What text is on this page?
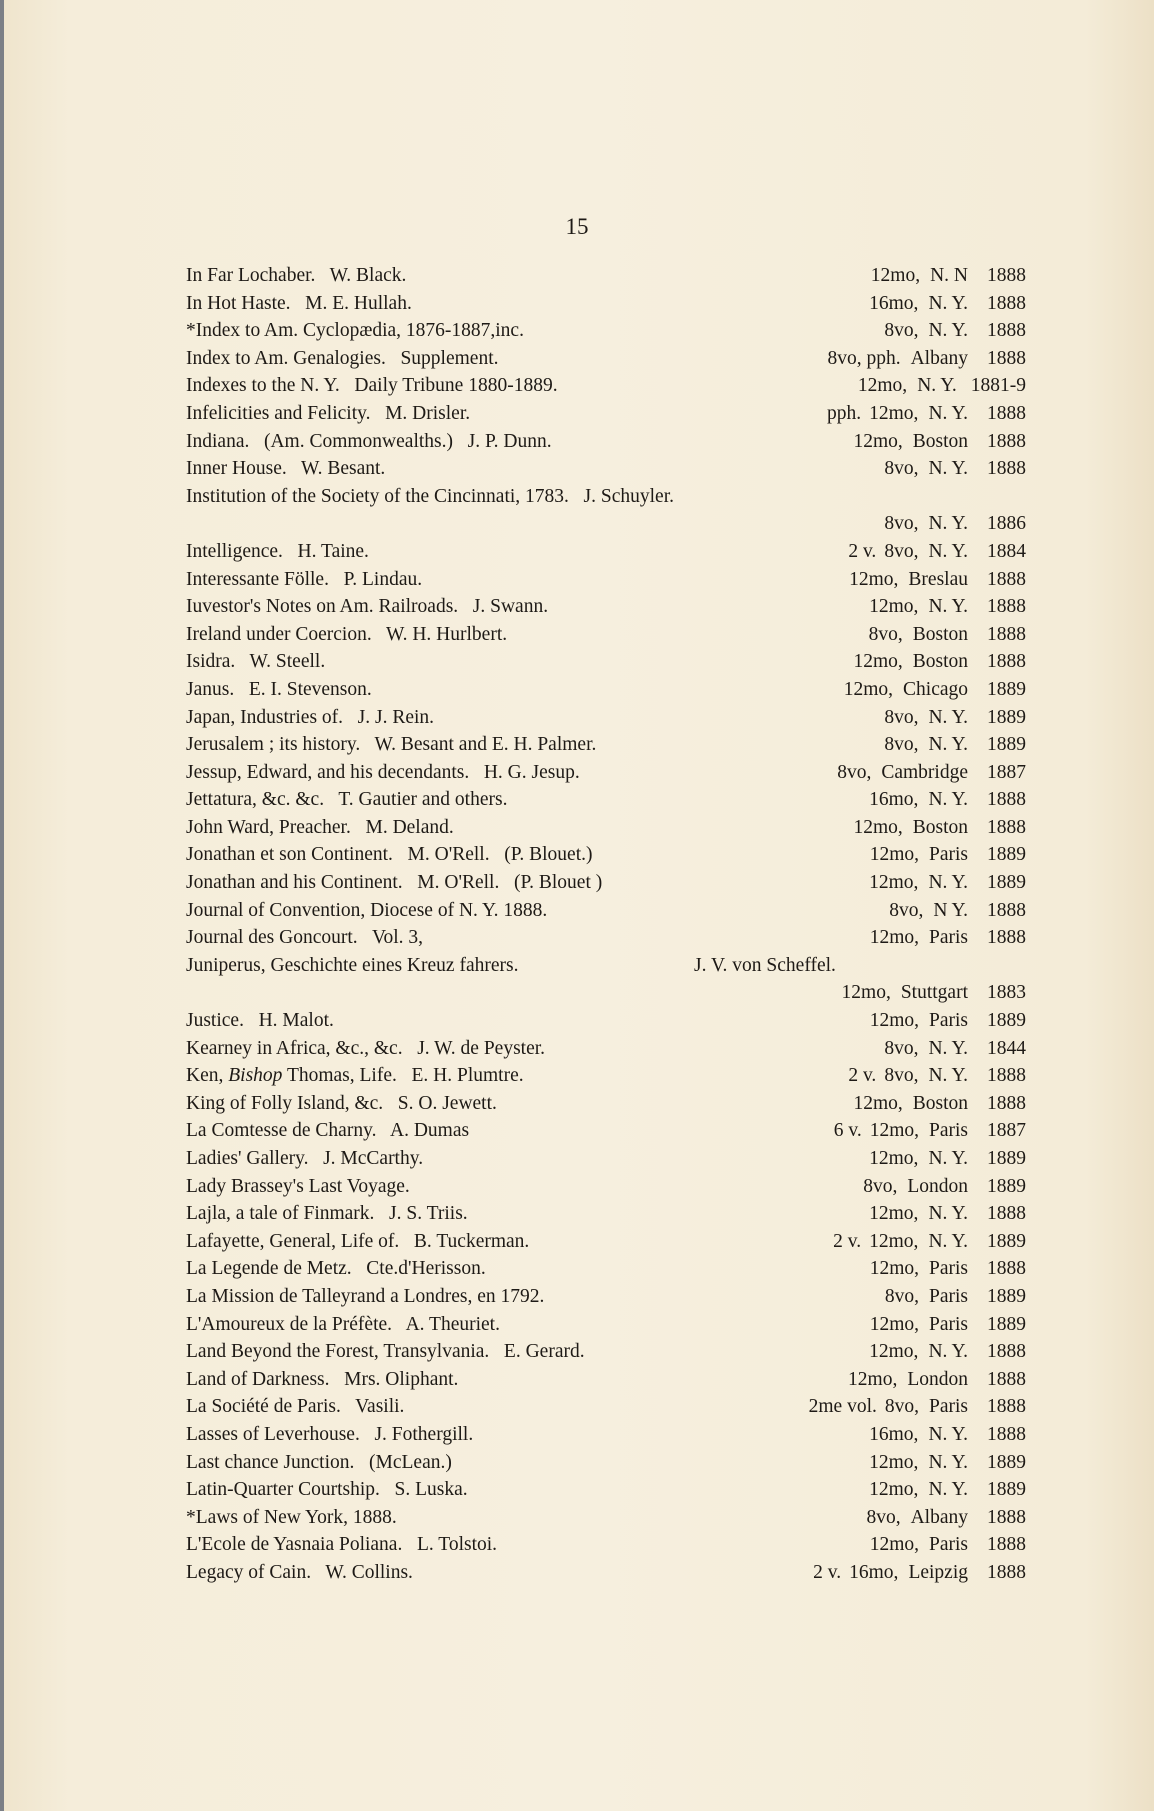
15
In Far Lochaber.   W. Black.	12mo, N. N 1888
In Hot Haste.   M. E. Hullah.	16mo, N. Y. 1888
*Index to Am. Cyclopædia, 1876-1887,inc.	8vo, N. Y. 1888
Index to Am. Genalogies.   Supplement.	8vo, pph. Albany 1888
Indexes to the N. Y.   Daily Tribune 1880-1889.	12mo, N. Y. 1881-9
Infelicities and Felicity.   M. Drisler.	pph. 12mo, N. Y. 1888
Indiana.   (Am. Commonwealths.)   J. P. Dunn.	12mo, Boston 1888
Inner House.   W. Besant.	8vo, N. Y. 1888
Institution of the Society of the Cincinnati, 1783.   J. Schuyler.
8vo, N. Y. 1886
Intelligence.   H. Taine.	2 v. 8vo, N. Y. 1884
Interessante Fölle.   P. Lindau.	12mo, Breslau 1888
Iuvestor's Notes on Am. Railroads.   J. Swann.	12mo, N. Y. 1888
Ireland under Coercion.   W. H. Hurlbert.	8vo, Boston 1888
Isidra.   W. Steell.	12mo, Boston 1888
Janus.   E. I. Stevenson.	12mo, Chicago 1889
Japan, Industries of.   J. J. Rein.	8vo, N. Y. 1889
Jerusalem ; its history.   W. Besant and E. H. Palmer.	8vo, N. Y. 1889
Jessup, Edward, and his decendants.   H. G. Jesup.	8vo, Cambridge 1887
Jettatura, &c. &c.   T. Gautier and others.	16mo, N. Y. 1888
John Ward, Preacher.   M. Deland.	12mo, Boston 1888
Jonathan et son Continent.   M. O'Rell.   (P. Blouet.)	12mo, Paris 1889
Jonathan and his Continent.   M. O'Rell.   (P. Blouet )	12mo, N. Y. 1889
Journal of Convention, Diocese of N. Y. 1888.	8vo, N Y. 1888
Journal des Goncourt.   Vol. 3,	12mo, Paris 1888
Juniperus, Geschichte eines Kreuz fahrers.	J. V. von Scheffel.
12mo, Stuttgart 1883
Justice.   H. Malot.	12mo, Paris 1889
Kearney in Africa, &c., &c.   J. W. de Peyster.	8vo, N. Y. 1844
Ken, Bishop Thomas, Life.   E. H. Plumtre.	2 v. 8vo, N. Y. 1888
King of Folly Island, &c.   S. O. Jewett.	12mo, Boston 1888
La Comtesse de Charny.   A. Dumas	6 v. 12mo, Paris 1887
Ladies' Gallery.   J. McCarthy.	12mo, N. Y. 1889
Lady Brassey's Last Voyage.	8vo, London 1889
Lajla, a tale of Finmark.   J. S. Triis.	12mo, N. Y. 1888
Lafayette, General, Life of.   B. Tuckerman.	2 v. 12mo, N. Y. 1889
La Legende de Metz.   Cte.d'Herisson.	12mo, Paris 1888
La Mission de Talleyrand a Londres, en 1792.	8vo, Paris 1889
L'Amoureux de la Préfète.   A. Theuriet.	12mo, Paris 1889
Land Beyond the Forest, Transylvania.   E. Gerard.	12mo, N. Y. 1888
Land of Darkness.   Mrs. Oliphant.	12mo, London 1888
La Société de Paris.   Vasili.	2me vol. 8vo, Paris 1888
Lasses of Leverhouse.   J. Fothergill.	16mo, N. Y. 1888
Last chance Junction.   (McLean.)	12mo, N. Y. 1889
Latin-Quarter Courtship.   S. Luska.	12mo, N. Y. 1889
*Laws of New York, 1888.	8vo, Albany 1888
L'Ecole de Yasnaia Poliana.   L. Tolstoi.	12mo, Paris 1888
Legacy of Cain.   W. Collins.	2 v. 16mo, Leipzig 1888
